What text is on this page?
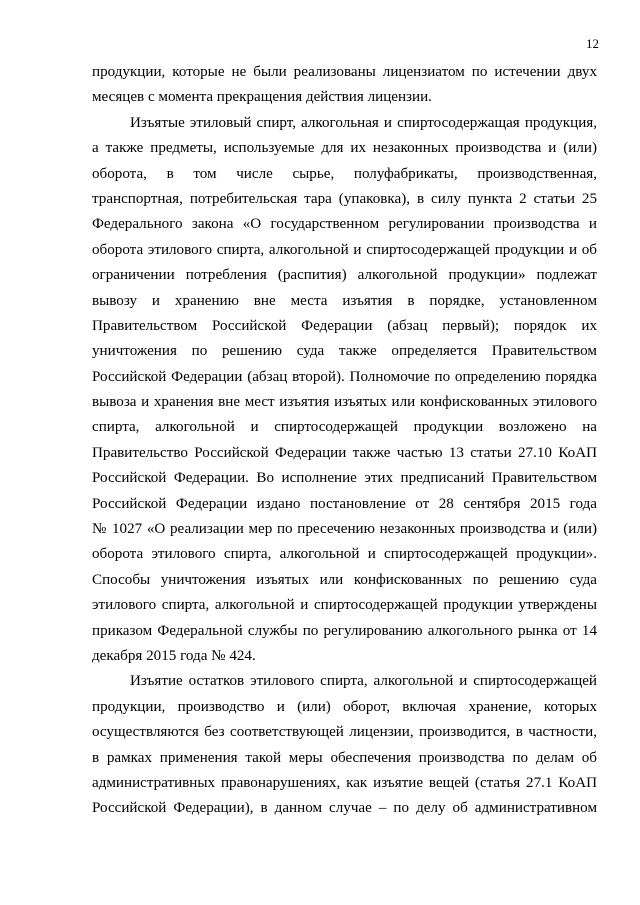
12
продукции, которые не были реализованы лицензиатом по истечении двух
месяцев с момента прекращения действия лицензии.
Изъятые этиловый спирт, алкогольная и спиртосодержащая продукция,
а также предметы, используемые для их незаконных производства и (или)
оборота, в том числе сырье, полуфабрикаты, производственная,
транспортная, потребительская тара (упаковка), в силу пункта 2 статьи 25
Федерального закона «О государственном регулировании производства и
оборота этилового спирта, алкогольной и спиртосодержащей продукции и об
ограничении потребления (распития) алкогольной продукции» подлежат
вывозу и хранению вне места изъятия в порядке, установленном
Правительством Российской Федерации (абзац первый); порядок их
уничтожения по решению суда также определяется Правительством
Российской Федерации (абзац второй). Полномочие по определению порядка
вывоза и хранения вне мест изъятия изъятых или конфискованных этилового
спирта, алкогольной и спиртосодержащей продукции возложено на
Правительство Российской Федерации также частью 13 статьи 27.10 КоАП
Российской Федерации. Во исполнение этих предписаний Правительством
Российской Федерации издано постановление от 28 сентября 2015 года
№ 1027 «О реализации мер по пресечению незаконных производства и (или)
оборота этилового спирта, алкогольной и спиртосодержащей продукции».
Способы уничтожения изъятых или конфискованных по решению суда
этилового спирта, алкогольной и спиртосодержащей продукции утверждены
приказом Федеральной службы по регулированию алкогольного рынка от 14
декабря 2015 года № 424.
Изъятие остатков этилового спирта, алкогольной и спиртосодержащей
продукции, производство и (или) оборот, включая хранение, которых
осуществляются без соответствующей лицензии, производится, в частности,
в рамках применения такой меры обеспечения производства по делам об
административных правонарушениях, как изъятие вещей (статья 27.1 КоАП
Российской Федерации), в данном случае – по делу об административном
